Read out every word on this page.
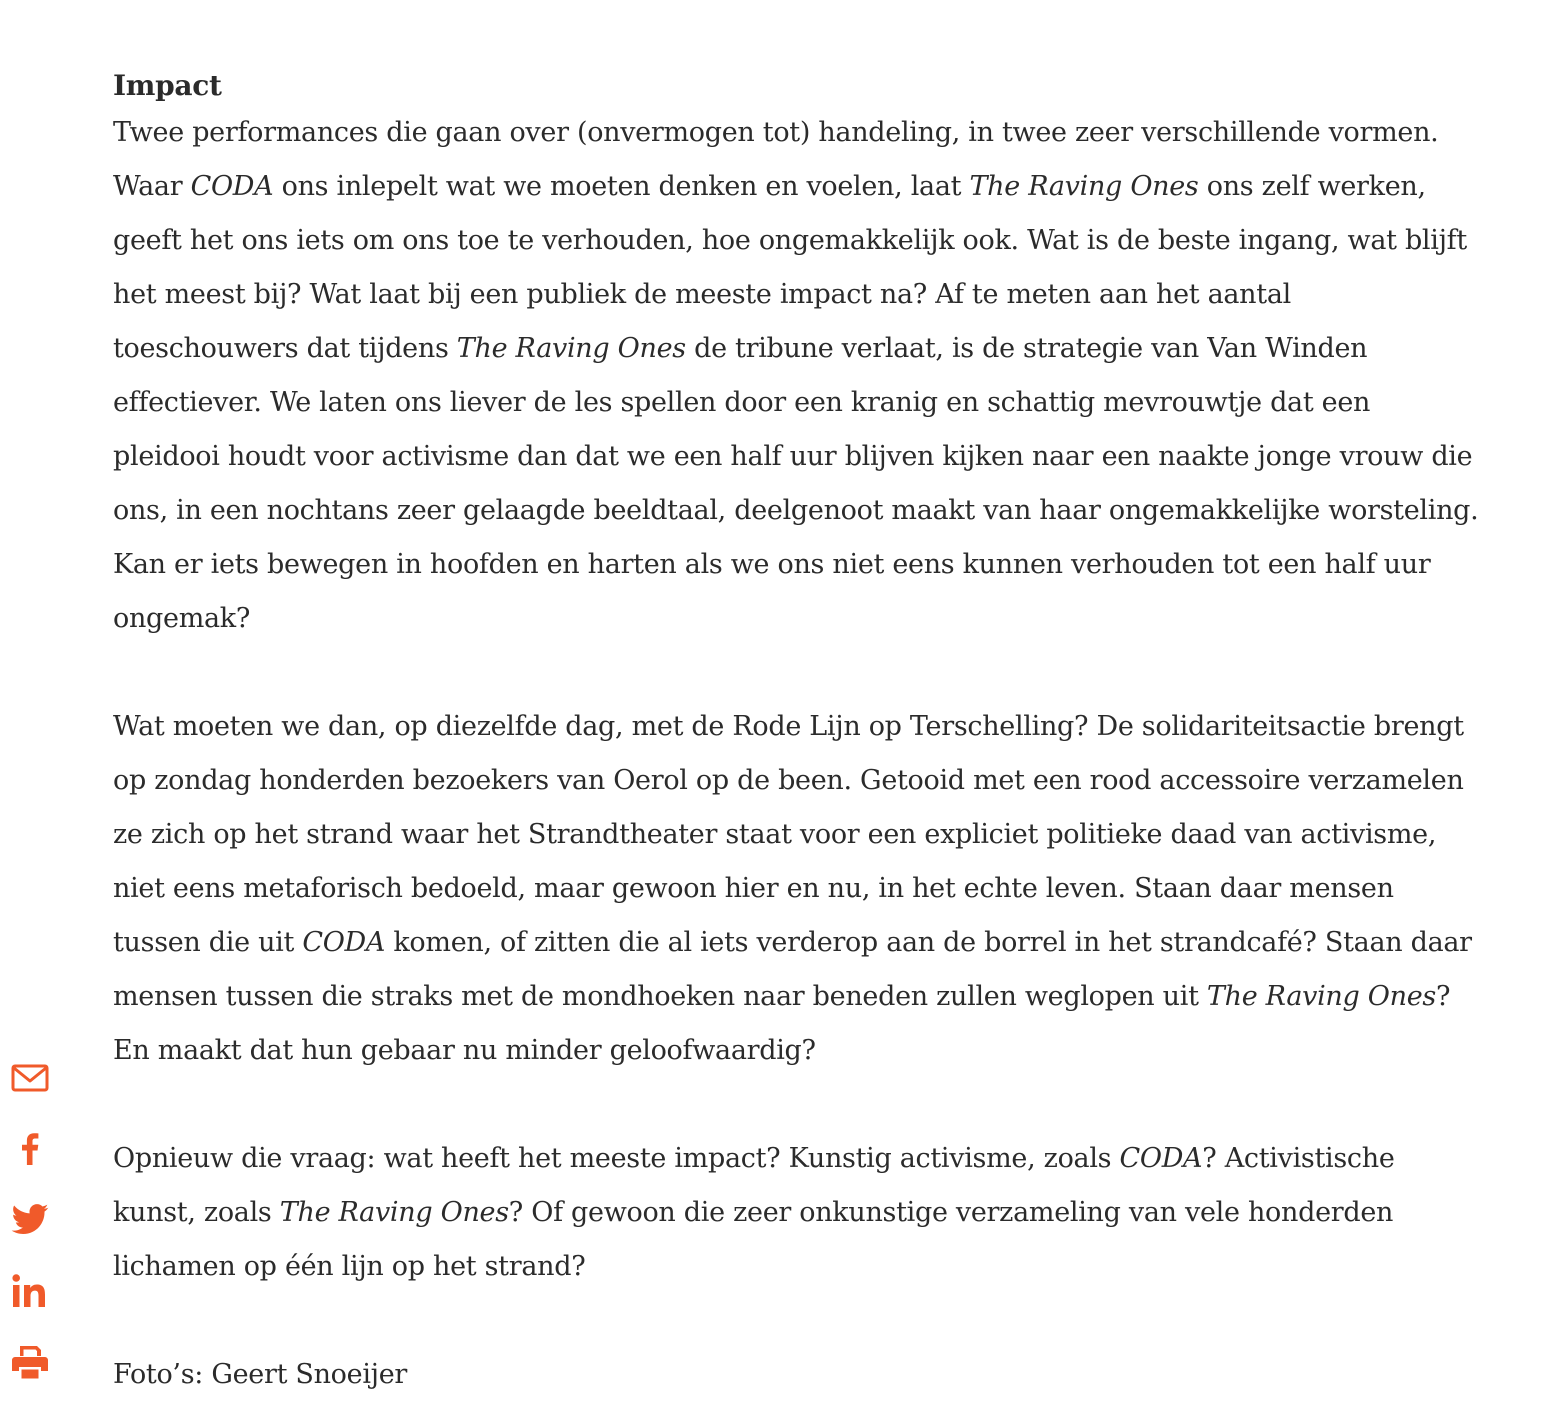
Impact

Twee performances die gaan over (onvermogen tot) handeling, in twee zeer verschillende vormen. Waar CODA ons inlepelt wat we moeten denken en voelen, laat The Raving Ones ons zelf werken, geeft het ons iets om ons toe te verhouden, hoe ongemakkelijk ook. Wat is de beste ingang, wat blijft het meest bij? Wat laat bij een publiek de meeste impact na? Af te meten aan het aantal toeschouwers dat tijdens The Raving Ones de tribune verlaat, is de strategie van Van Winden effectiever. We laten ons liever de les spellen door een kranig en schattig mevrouwtje dat een pleidooi houdt voor activisme dan dat we een half uur blijven kijken naar een naakte jonge vrouw die ons, in een nochtans zeer gelaagde beeldtaal, deelgenoot maakt van haar ongemakkelijke worsteling. Kan er iets bewegen in hoofden en harten als we ons niet eens kunnen verhouden tot een half uur ongemak?

Wat moeten we dan, op diezelfde dag, met de Rode Lijn op Terschelling? De solidariteitsactie brengt op zondag honderden bezoekers van Oerol op de been. Getooid met een rood accessoire verzamelen ze zich op het strand waar het Strandtheater staat voor een expliciet politieke daad van activisme, niet eens metaforisch bedoeld, maar gewoon hier en nu, in het echte leven. Staan daar mensen tussen die uit CODA komen, of zitten die al iets verderop aan de borrel in het strandcafé? Staan daar mensen tussen die straks met de mondhoeken naar beneden zullen weglopen uit The Raving Ones? En maakt dat hun gebaar nu minder geloofwaardig?

Opnieuw die vraag: wat heeft het meeste impact? Kunstig activisme, zoals CODA? Activistische kunst, zoals The Raving Ones? Of gewoon die zeer onkunstige verzameling van vele honderden lichamen op één lijn op het strand?

Foto’s: Geert Snoeijer
